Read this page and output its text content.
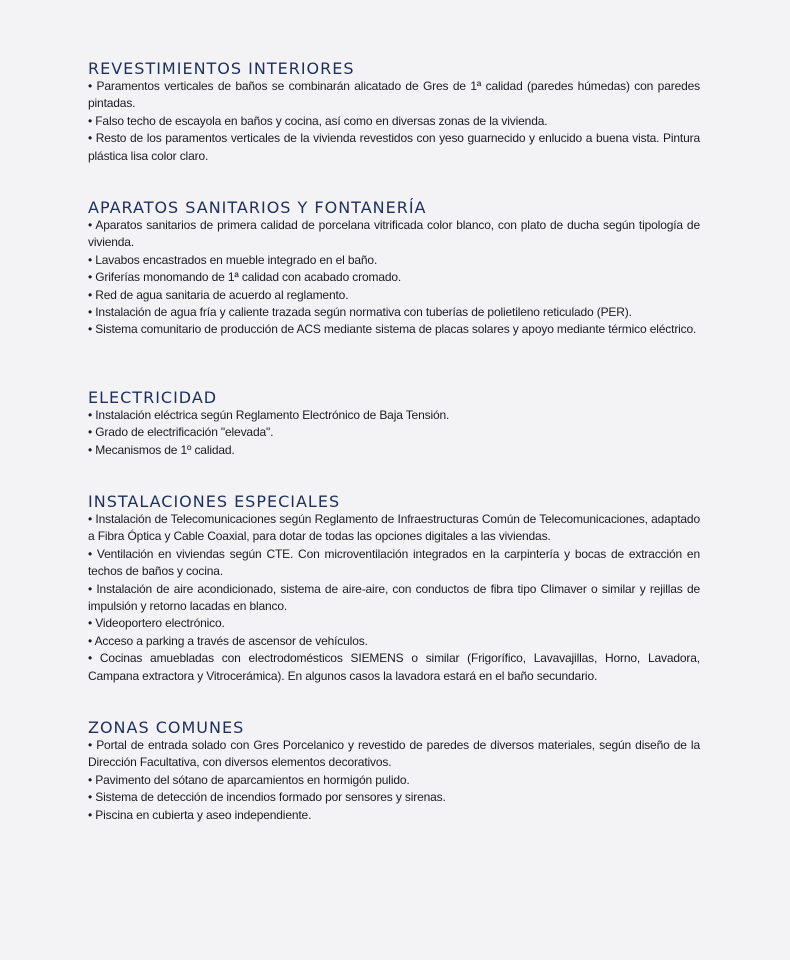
REVESTIMIENTOS INTERIORES
• Paramentos verticales de baños se combinarán alicatado de Gres de 1ª calidad (paredes húmedas) con paredes pintadas.
• Falso techo de escayola en baños y cocina, así como en diversas zonas de la vivienda.
• Resto de los paramentos verticales de la vivienda revestidos con yeso guarnecido y enlucido a buena vista. Pintura plástica lisa color claro.
APARATOS SANITARIOS Y FONTANERÍA
• Aparatos sanitarios de primera calidad de porcelana vitrificada color blanco, con plato de ducha según tipología de vivienda.
• Lavabos encastrados en mueble integrado en el baño.
• Griferías monomando de 1ª calidad con acabado cromado.
• Red de agua sanitaria de acuerdo al reglamento.
• Instalación de agua fría y caliente trazada según normativa con tuberías de polietileno reticulado (PER).
• Sistema comunitario de producción de ACS mediante sistema de placas solares y apoyo mediante térmico eléctrico.
ELECTRICIDAD
• Instalación eléctrica según Reglamento Electrónico de Baja Tensión.
• Grado de electrificación "elevada".
• Mecanismos de 1º calidad.
INSTALACIONES ESPECIALES
• Instalación de Telecomunicaciones según Reglamento de Infraestructuras Común de Telecomunicaciones, adaptado a Fibra Óptica y Cable Coaxial, para dotar de todas las opciones digitales a las viviendas.
• Ventilación en viviendas según CTE. Con microventilación integrados en la carpintería y bocas de extracción en techos de baños y cocina.
• Instalación de aire acondicionado, sistema de aire-aire, con conductos de fibra tipo Climaver o similar y rejillas de impulsión y retorno lacadas en blanco.
• Videoportero electrónico.
• Acceso a parking a través de ascensor de vehículos.
• Cocinas amuebladas con electrodomésticos SIEMENS o similar (Frigorífico, Lavavajillas, Horno, Lavadora, Campana extractora y Vitrocerámica). En algunos casos la lavadora estará en el baño secundario.
ZONAS COMUNES
• Portal de entrada solado con Gres Porcelanico y revestido de paredes de diversos materiales, según diseño de la Dirección Facultativa, con diversos elementos decorativos.
• Pavimento del sótano de aparcamientos en hormigón pulido.
• Sistema de detección de incendios formado por sensores y sirenas.
• Piscina en cubierta y aseo independiente.
